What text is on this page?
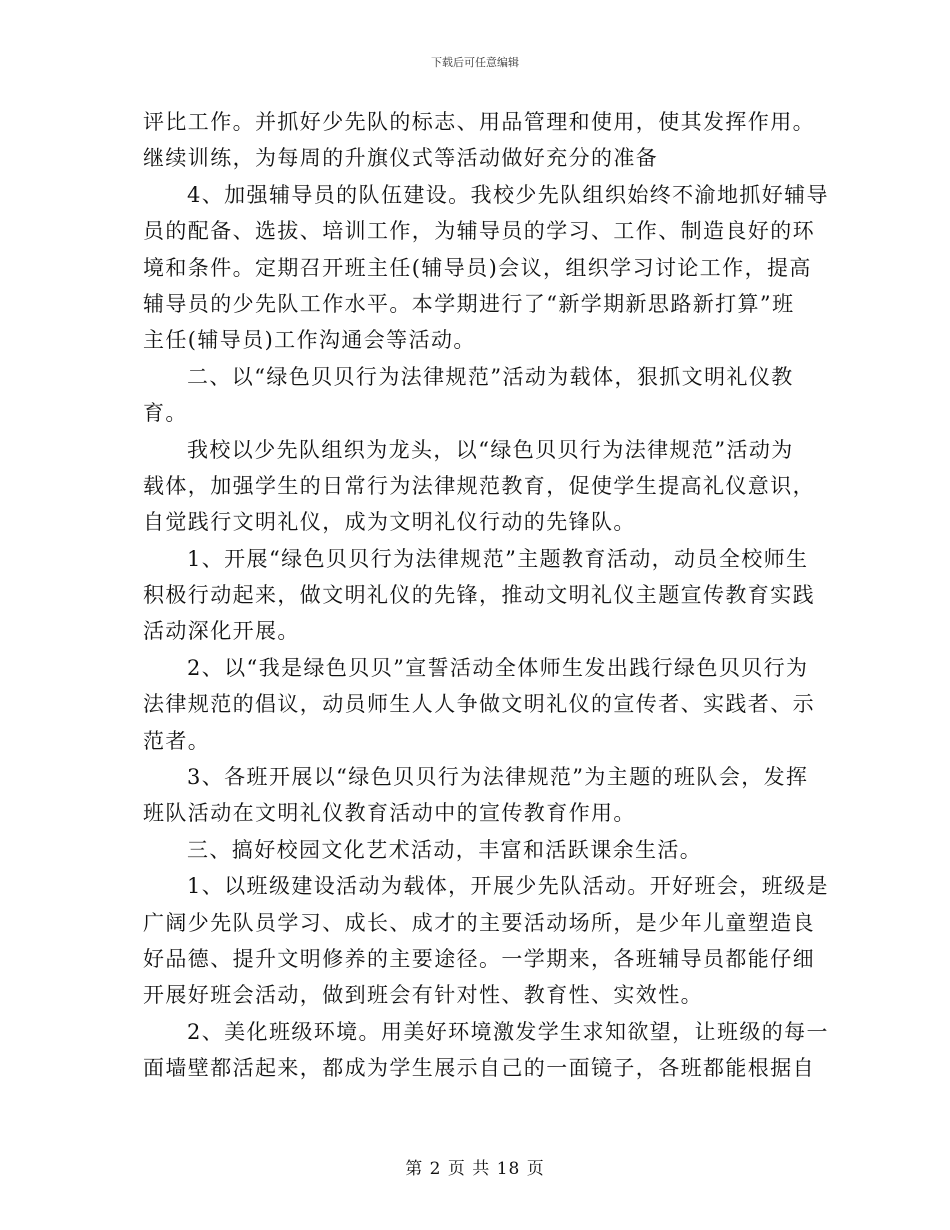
下载后可任意编辑
评比工作。并抓好少先队的标志、用品管理和使用，使其发挥作用。
继续训练，为每周的升旗仪式等活动做好充分的准备
4、加强辅导员的队伍建设。我校少先队组织始终不渝地抓好辅导
员的配备、选拔、培训工作，为辅导员的学习、工作、制造良好的环
境和条件。定期召开班主任(辅导员)会议，组织学习讨论工作，提高
辅导员的少先队工作水平。本学期进行了“新学期新思路新打算”班
主任(辅导员)工作沟通会等活动。
二、以“绿色贝贝行为法律规范”活动为载体，狠抓文明礼仪教
育。
我校以少先队组织为龙头，以“绿色贝贝行为法律规范”活动为
载体，加强学生的日常行为法律规范教育，促使学生提高礼仪意识，
自觉践行文明礼仪，成为文明礼仪行动的先锋队。
1、开展“绿色贝贝行为法律规范”主题教育活动，动员全校师生
积极行动起来，做文明礼仪的先锋，推动文明礼仪主题宣传教育实践
活动深化开展。
2、以“我是绿色贝贝”宣誓活动全体师生发出践行绿色贝贝行为
法律规范的倡议，动员师生人人争做文明礼仪的宣传者、实践者、示
范者。
3、各班开展以“绿色贝贝行为法律规范”为主题的班队会，发挥
班队活动在文明礼仪教育活动中的宣传教育作用。
三、搞好校园文化艺术活动，丰富和活跃课余生活。
1、以班级建设活动为载体，开展少先队活动。开好班会，班级是
广阔少先队员学习、成长、成才的主要活动场所，是少年儿童塑造良
好品德、提升文明修养的主要途径。一学期来，各班辅导员都能仔细
开展好班会活动，做到班会有针对性、教育性、实效性。
2、美化班级环境。用美好环境激发学生求知欲望，让班级的每一
面墙壁都活起来，都成为学生展示自己的一面镜子，各班都能根据自
第 2 页 共 18 页
